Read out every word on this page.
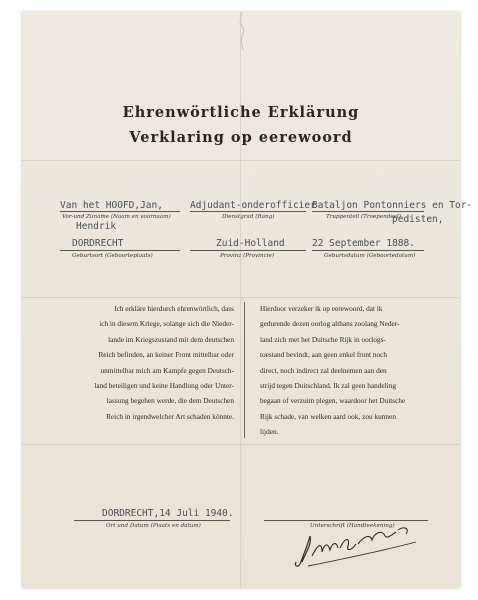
Ehrenwörtliche Erklärung
Verklaring op eerewoord
Van het HOOFD,Jan,
Vor-und Zuname (Naam en voornaam)
Hendrik
Adjudant-onderofficier
Dienstgrad (Rang)
Bataljon Pontonniers en Tor-
Truppenteil (Troependeel)
pedisten,
DORDRECHT
Geburtsort (Geboorteplaats)
Zuid-Holland
Provinz (Provincie)
22 September 1888.
Geburtsdatum (Geboortedatum)
Ich erkläre hierdurch ehrenwörtlich, dass
ich in diesem Kriege, solange sich die Nieder-
lande im Kriegszustand mit dem deutschen
Reich befinden, an keiner Front mittelbar oder
unmittelbar mich am Kampfe gegen Deutsch-
land beteiligen und keine Handlung oder Unter-
lassung begehen werde, die dem Deutschen
Reich in irgendwelcher Art schaden könnte.
Hierdoor verzeker ik op eerewoord, dat ik
gedurende dezen oorlog althans zoolang Neder-
land zich met het Duitsche Rijk in oorlogs-
toestand bevindt, aan geen enkel front noch
direct, noch indirect zal deelnemen aan den
strijd tegen Duitschland. Ik zal geen handeling
begaan of verzuim plegen, waardoor het Duitsche
Rijk schade, van welken aard ook, zou kunnen
lijden.
DORDRECHT,14 Juli 1940.
Ort und Datum (Plaats en datum)	Unterschrift (Handteekening)
